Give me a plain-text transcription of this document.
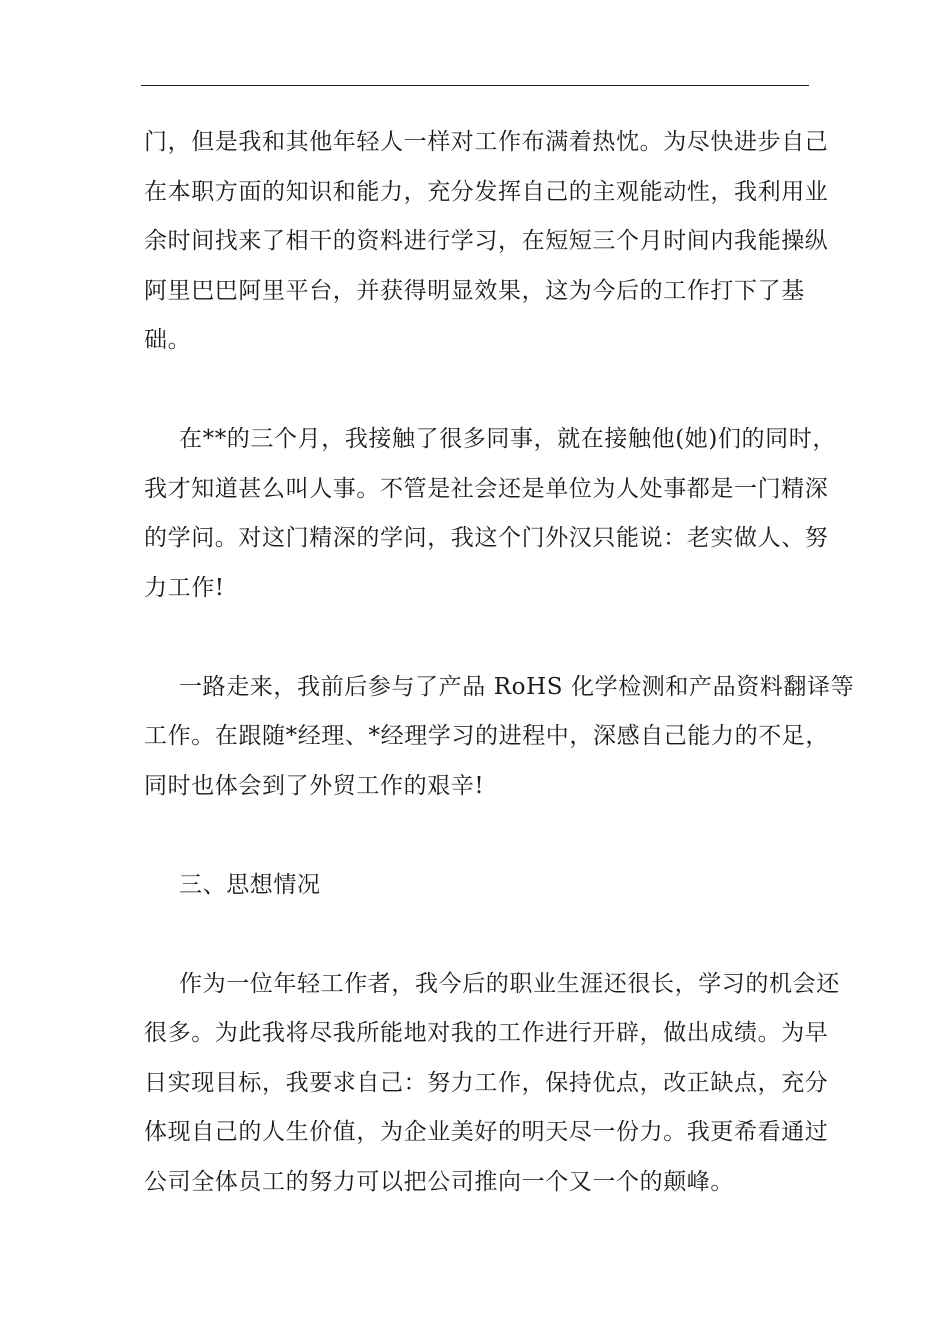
门，但是我和其他年轻人一样对工作布满着热忱。为尽快进步自己
在本职方面的知识和能力，充分发挥自己的主观能动性，我利用业
余时间找来了相干的资料进行学习，在短短三个月时间内我能操纵
阿里巴巴阿里平台，并获得明显效果，这为今后的工作打下了基
础。
在**的三个月，我接触了很多同事，就在接触他(她)们的同时，
我才知道甚么叫人事。不管是社会还是单位为人处事都是一门精深
的学问。对这门精深的学问，我这个门外汉只能说：老实做人、努
力工作!
一路走来，我前后参与了产品 RoHS 化学检测和产品资料翻译等
工作。在跟随*经理、*经理学习的进程中，深感自己能力的不足，
同时也体会到了外贸工作的艰辛!
三、思想情况
作为一位年轻工作者，我今后的职业生涯还很长，学习的机会还
很多。为此我将尽我所能地对我的工作进行开辟，做出成绩。为早
日实现目标，我要求自己：努力工作，保持优点，改正缺点，充分
体现自己的人生价值，为企业美好的明天尽一份力。我更希看通过
公司全体员工的努力可以把公司推向一个又一个的颠峰。
